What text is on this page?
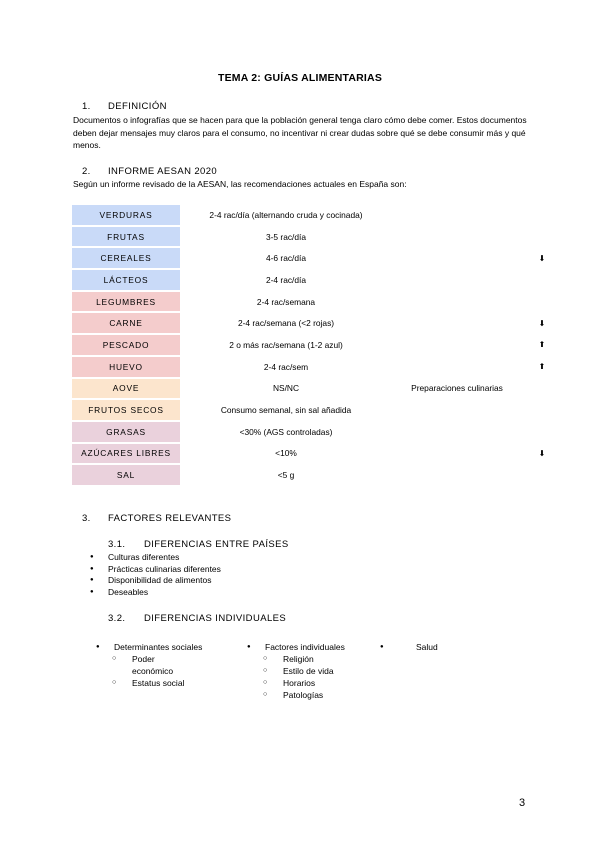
TEMA 2: GUÍAS ALIMENTARIAS
1. DEFINICIÓN
Documentos o infografías que se hacen para que la población general tenga claro cómo debe comer. Estos documentos deben dejar mensajes muy claros para el consumo, no incentivar ni crear dudas sobre qué se debe consumir más y qué menos.
2. INFORME AESAN 2020
Según un informe revisado de la AESAN, las recomendaciones actuales en España son:
VERDURAS	2-4 rac/día (alternando cruda y cocinada)		
FRUTAS	3-5 rac/día		
CEREALES	4-6 rac/día		⬇
LÁCTEOS	2-4 rac/día		
LEGUMBRES	2-4 rac/semana		
CARNE	2-4 rac/semana (<2 rojas)		⬇
PESCADO	2 o más rac/semana (1-2 azul)		⬆
HUEVO	2-4 rac/sem		⬆
AOVE	NS/NC	Preparaciones culinarias	
FRUTOS SECOS	Consumo semanal, sin sal añadida		
GRASAS	<30% (AGS controladas)		
AZÚCARES LIBRES	<10%		⬇
SAL	<5 g		
3. FACTORES RELEVANTES
3.1. DIFERENCIAS ENTRE PAÍSES
● Culturas diferentes
● Prácticas culinarias diferentes
● Disponibilidad de alimentos
● Deseables
3.2. DIFERENCIAS INDIVIDUALES
● Determinantes sociales
○ Poder económico
○ Estatus social
● Factores individuales
○ Religión
○ Estilo de vida
○ Horarios
○ Patologías
● Salud
3
